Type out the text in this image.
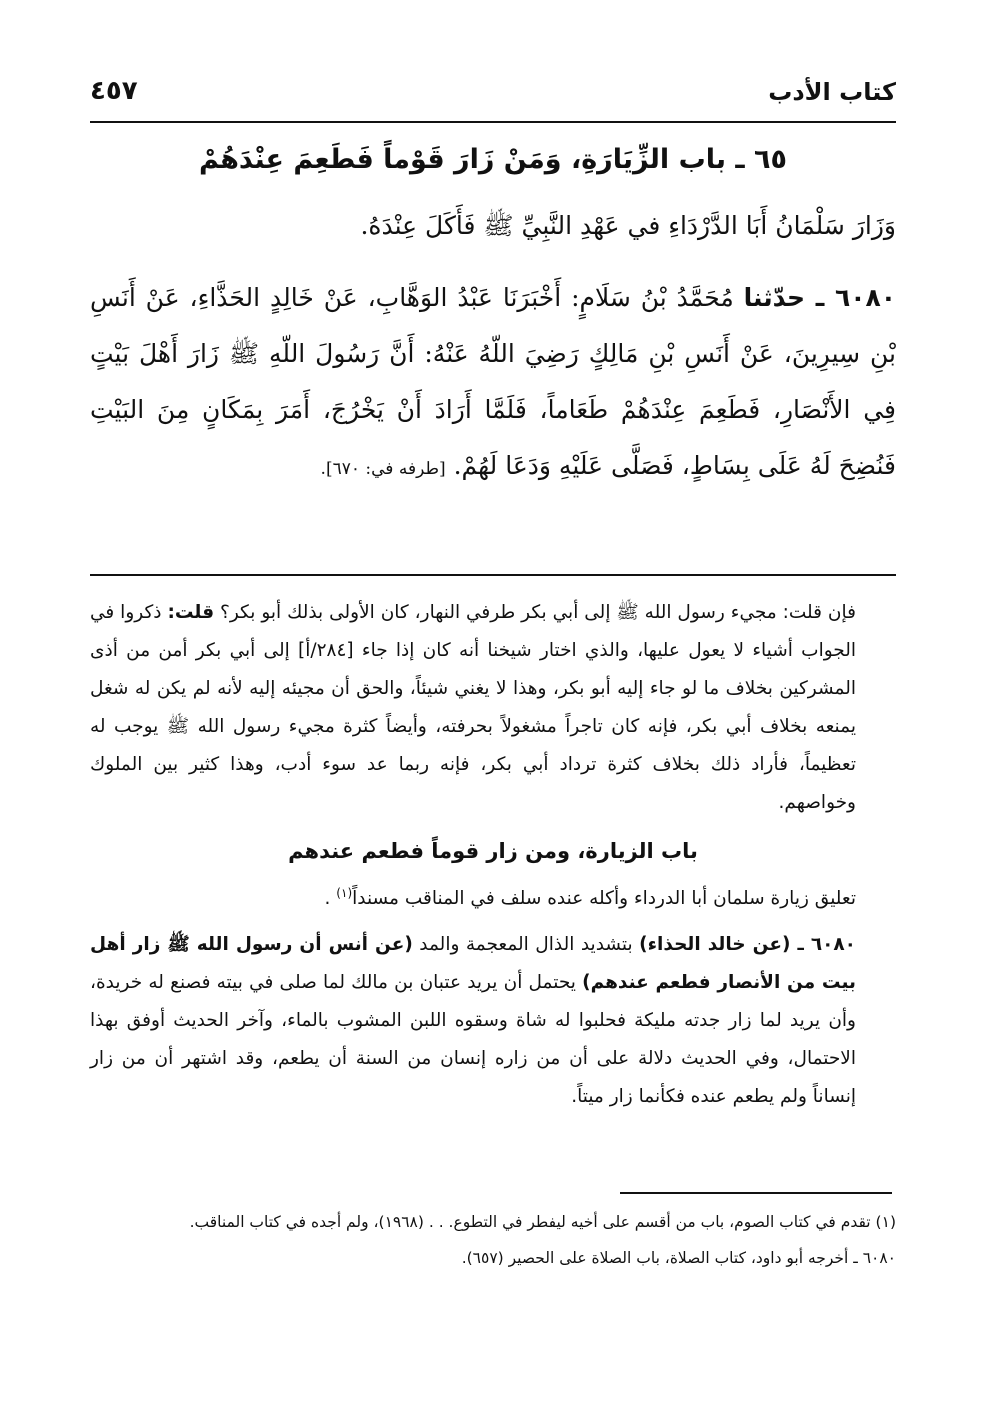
كتاب الأدب
٤٥٧
٦٥ ـ باب الزِّيَارَةِ، وَمَنْ زَارَ قَوْماً فَطَعِمَ عِنْدَهُمْ

وَزَارَ سَلْمَانُ أَبَا الدَّرْدَاءِ في عَهْدِ النَّبِيِّ ﷺ فَأَكَلَ عِنْدَهُ.

٦٠٨٠ ـ حدّثنا مُحَمَّدُ بْنُ سَلَامٍ: أَخْبَرَنَا عَبْدُ الوَهَّابِ، عَنْ خَالِدٍ الحَذَّاءِ، عَنْ أَنَسِ بْنِ سِيرِينَ، عَنْ أَنَسِ بْنِ مَالِكٍ رَضِيَ اللّهُ عَنْهُ: أَنَّ رَسُولَ اللّهِ ﷺ زَارَ أَهْلَ بَيْتٍ فِي الأَنْصَارِ، فَطَعِمَ عِنْدَهُمْ طَعَاماً، فَلَمَّا أَرَادَ أَنْ يَخْرُجَ، أَمَرَ بِمَكَانٍ مِنَ البَيْتِ فَنُضِحَ لَهُ عَلَى بِسَاطٍ، فَصَلَّى عَلَيْهِ وَدَعَا لَهُمْ. [طرفه في: ٦٧٠].

فإن قلت: مجيء رسول الله ﷺ إلى أبي بكر طرفي النهار، كان الأولى بذلك أبو بكر؟ قلت: ذكروا في الجواب أشياء لا يعول عليها، والذي اختار شيخنا أنه كان إذا جاء [٢٨٤/أ] إلى أبي بكر أمن من أذى المشركين بخلاف ما لو جاء إليه أبو بكر، وهذا لا يغني شيئاً، والحق أن مجيئه إليه لأنه لم يكن له شغل يمنعه بخلاف أبي بكر، فإنه كان تاجراً مشغولاً بحرفته، وأيضاً كثرة مجيء رسول الله ﷺ يوجب له تعظيماً، فأراد ذلك بخلاف كثرة ترداد أبي بكر، فإنه ربما عد سوء أدب، وهذا كثير بين الملوك وخواصهم.

باب الزيارة، ومن زار قوماً فطعم عندهم

تعليق زيارة سلمان أبا الدرداء وأكله عنده سلف في المناقب مسنداً$^{(١)}$ .

٦٠٨٠ ـ (عن خالد الحذاء) بتشديد الذال المعجمة والمد (عن أنس أن رسول الله ﷺ زار أهل بيت من الأنصار فطعم عندهم) يحتمل أن يريد عتبان بن مالك لما صلى في بيته فصنع له خريدة، وأن يريد لما زار جدته مليكة فحلبوا له شاة وسقوه اللبن المشوب بالماء، وآخر الحديث أوفق بهذا الاحتمال، وفي الحديث دلالة على أن من زاره إنسان من السنة أن يطعم، وقد اشتهر أن من زار إنساناً ولم يطعم عنده فكأنما زار ميتاً.

(١) تقدم في كتاب الصوم، باب من أقسم على أخيه ليفطر في التطوع. . . (١٩٦٨)، ولم أجده في كتاب المناقب.

٦٠٨٠ ـ أخرجه أبو داود، كتاب الصلاة، باب الصلاة على الحصير (٦٥٧).
